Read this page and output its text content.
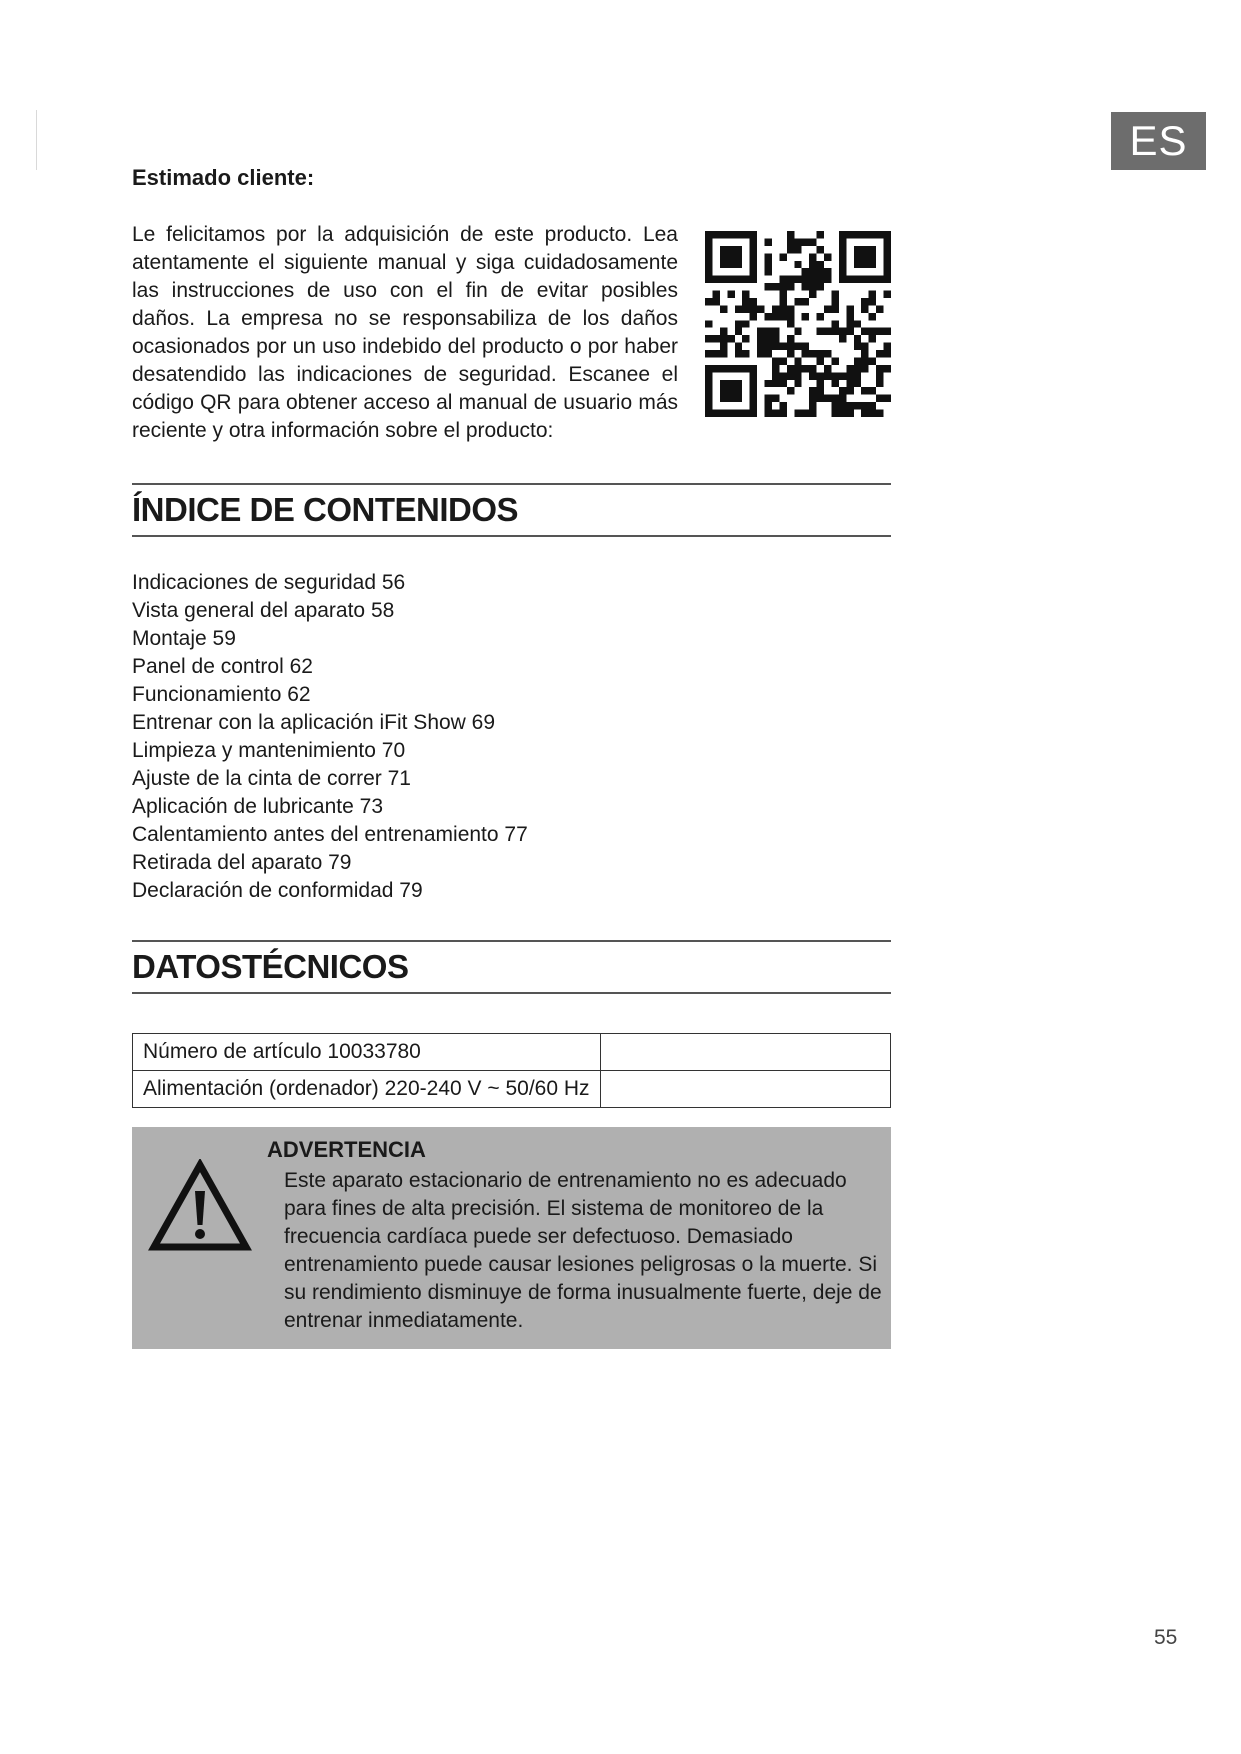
ES
Estimado cliente:

Le felicitamos por la adquisición de este producto. Lea atentamente el siguiente manual y siga cuidadosamente las instrucciones de uso con el fin de evitar posibles daños. La empresa no se responsabiliza de los daños ocasionados por un uso indebido del producto o por haber desatendido las indicaciones de seguridad. Escanee el código QR para obtener acceso al manual de usuario más reciente y otra información sobre el producto:

ÍNDICE DE CONTENIDOS
Indicaciones de seguridad 56
Vista general del aparato 58
Montaje 59
Panel de control 62
Funcionamiento 62
Entrenar con la aplicación iFit Show 69
Limpieza y mantenimiento 70
Ajuste de la cinta de correr 71
Aplicación de lubricante 73
Calentamiento antes del entrenamiento 77
Retirada del aparato 79
Declaración de conformidad 79
DATOSTÉCNICOS
Número de artículo 10033780	
Alimentación (ordenador) 220-240 V ~ 50/60 Hz	
ADVERTENCIA

Este aparato estacionario de entrenamiento no es adecuado para fines de alta precisión. El sistema de monitoreo de la frecuencia cardíaca puede ser defectuoso. Demasiado entrenamiento puede causar lesiones peligrosas o la muerte. Si su rendimiento disminuye de forma inusualmente fuerte, deje de entrenar inmediatamente.

55
